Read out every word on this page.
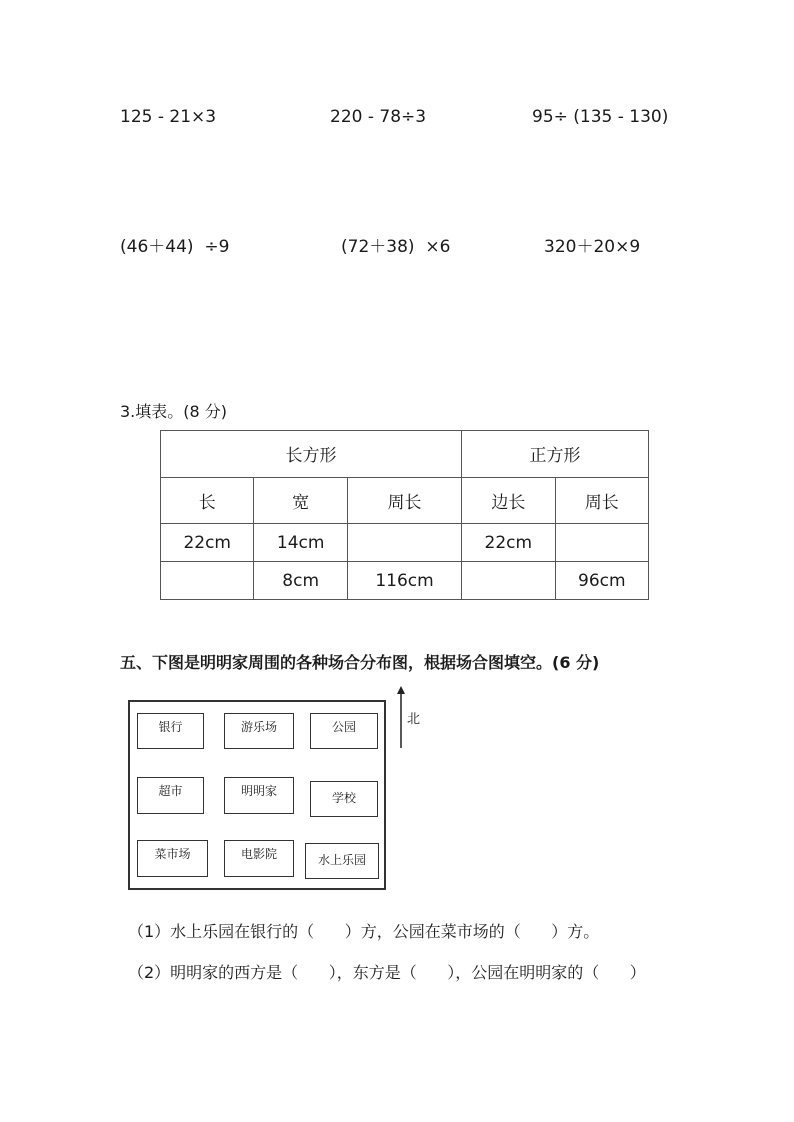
125 - 21×3	220 - 78÷3	95÷ (135 - 130)
(46＋44)  ÷9	(72＋38)  ×6	320＋20×9
3.填表。(8 分)
长方形			正方形	
长	宽	周长	边长	周长
22cm	14cm		22cm	
	8cm	116cm		96cm
五、下图是明明家周围的各种场合分布图，根据场合图填空。(6 分)
银行	游乐场	公园
超市	明明家	学校
菜市场	电影院	水上乐园
北
（1）水上乐园在银行的（      ）方，公园在菜市场的（      ）方。
（2）明明家的西方是（      ），东方是（      ），公园在明明家的（      ）
